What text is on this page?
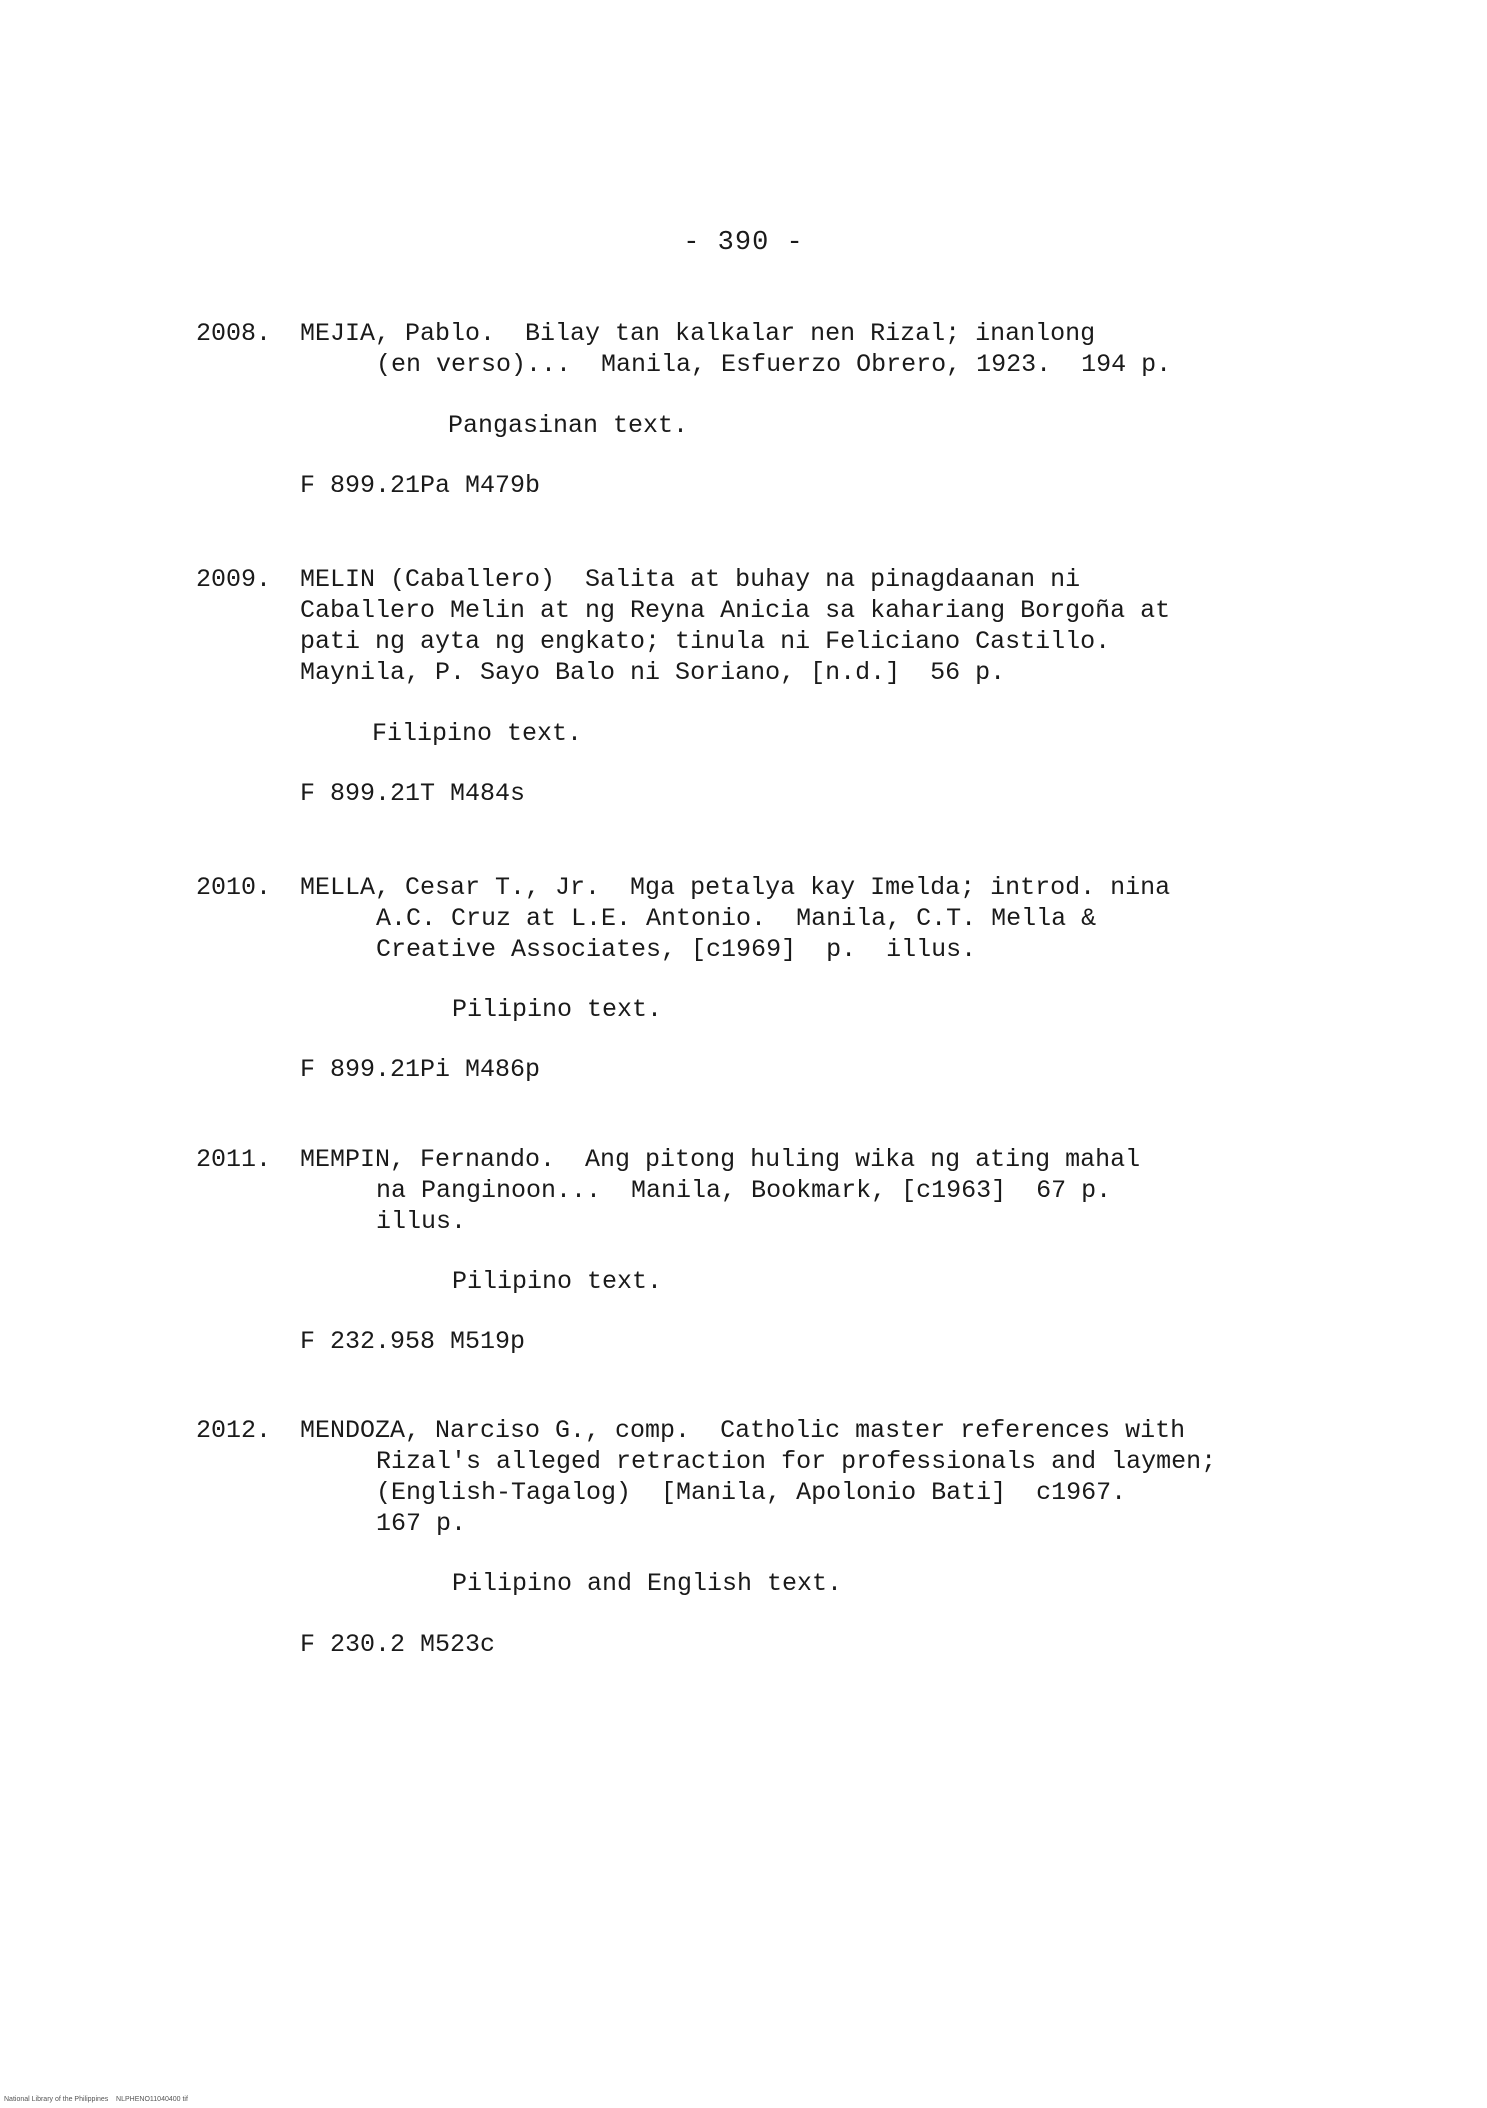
- 390 -
2008.	MEJIA, Pablo.  Bilay tan kalkalar nen Rizal; inanlong
(en verso)...  Manila, Esfuerzo Obrero, 1923.  194 p.
Pangasinan text.
F 899.21Pa M479b
2009.	MELIN (Caballero)  Salita at buhay na pinagdaanan ni
Caballero Melin at ng Reyna Anicia sa kahariang Borgoña at
pati ng ayta ng engkato; tinula ni Feliciano Castillo.
Maynila, P. Sayo Balo ni Soriano, [n.d.]  56 p.
Filipino text.
F 899.21T M484s
2010.	MELLA, Cesar T., Jr.  Mga petalya kay Imelda; introd. nina
A.C. Cruz at L.E. Antonio.  Manila, C.T. Mella &
Creative Associates, [c1969]  p.  illus.
Pilipino text.
F 899.21Pi M486p
2011.	MEMPIN, Fernando.  Ang pitong huling wika ng ating mahal
na Panginoon...  Manila, Bookmark, [c1963]  67 p.
illus.
Pilipino text.
F 232.958 M519p
2012.	MENDOZA, Narciso G., comp.  Catholic master references with
Rizal's alleged retraction for professionals and laymen;
(English-Tagalog)  [Manila, Apolonio Bati]  c1967.
167 p.
Pilipino and English text.
F 230.2 M523c
National Library of the Philippines    NLPHENO11040400 tif
